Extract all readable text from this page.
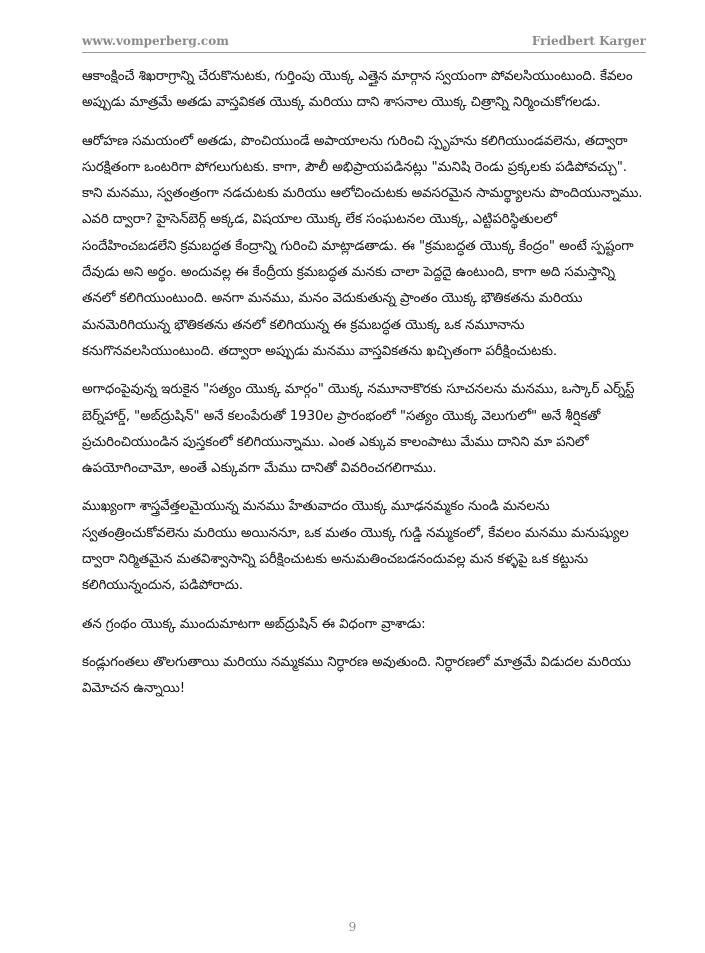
www.vomperberg.com	Friedbert Karger

ఆకాంక్షించే శిఖరాగ్రాన్ని చేరుకొనుటకు, గుర్తింపు యొక్క ఎత్తైన మార్గాన స్వయంగా పోవలసియుంటుంది. కేవలం అప్పుడు మాత్రమే అతడు వాస్తవికత యొక్క మరియు దాని శాసనాల యొక్క చిత్రాన్ని నిర్మించుకోగలడు.

ఆరోహణ సమయంలో అతడు, పొంచియుండే అపాయాలను గురించి స్పృహను కలిగియుండవలెను, తద్వారా సురక్షితంగా ఒంటరిగా పోగలుగుటకు. కాగా, పౌలీ అభిప్రాయపడినట్లు "మనిషి రెండు ప్రక్కలకు పడిపోవచ్చు". కాని మనము, స్వతంత్రంగా నడచుటకు మరియు ఆలోచించుటకు అవసరమైన సామర్థ్యాలను పొందియున్నాము. ఎవరి ద్వారా? హైసెన్‌బెర్గ్ అక్కడ, విషయాల యొక్క లేక సంఘటనల యొక్క, ఎట్టిపరిస్థితులలో సందేహించబడలేని క్రమబద్ధత కేంద్రాన్ని గురించి మాట్లాడతాడు. ఈ "క్రమబద్ధత యొక్క కేంద్రం" అంటే స్పష్టంగా దేవుడు అని అర్థం. అందువల్ల ఈ కేంద్రీయ క్రమబద్ధత మనకు చాలా పెద్దదై ఉంటుంది, కాగా అది సమస్తాన్ని తనలో కలిగియుంటుంది. అనగా మనము, మనం వెదుకుతున్న ప్రాంతం యొక్క భౌతికతను మరియు మనమెరిగియున్న భౌతికతను తనలో కలిగియున్న ఈ క్రమబద్ధత యొక్క ఒక నమూనాను కనుగొనవలసియుంటుంది. తద్వారా అప్పుడు మనము వాస్తవికతను ఖచ్చితంగా పరీక్షించుటకు.

అగాధంపైవున్న ఇరుకైన "సత్యం యొక్క మార్గం" యొక్క నమూనాకొరకు సూచనలను మనము, ఒస్కార్ ఎర్న్‌స్ట్ బెర్న్‌హార్డ్, "అబ్‌ద్రుషిన్" అనే కలంపేరుతో 1930ల ప్రారంభంలో "సత్యం యొక్క వెలుగులో" అనే శీర్షికతో ప్రచురించియుండిన పుస్తకంలో కలిగియున్నాము. ఎంత ఎక్కువ కాలంపాటు మేము దానిని మా పనిలో ఉపయోగించామో, అంతే ఎక్కువగా మేము దానితో వివరించగలిగాము.

ముఖ్యంగా శాస్త్రవేత్తలమైయున్న మనము హేతువాదం యొక్క మూఢనమ్మకం నుండి మనలను స్వతంత్రించుకోవలెను మరియు అయిననూ, ఒక మతం యొక్క గుడ్డి నమ్మకంలో, కేవలం మనము మనుష్యుల ద్వారా నిర్మితమైన మతవిశ్వాసాన్ని పరీక్షించుటకు అనుమతించబడనందువల్ల మన కళ్ళపై ఒక కట్టును కలిగియున్నందున, పడిపోరాదు.

తన గ్రంథం యొక్క ముందుమాటగా అబ్‌ద్రుషిన్ ఈ విధంగా వ్రాశాడు:

కండ్లుగంతలు తొలగుతాయి మరియు నమ్మకము నిర్ధారణ అవుతుంది. నిర్ధారణలో మాత్రమే విడుదల మరియు విమోచన ఉన్నాయి!

9
